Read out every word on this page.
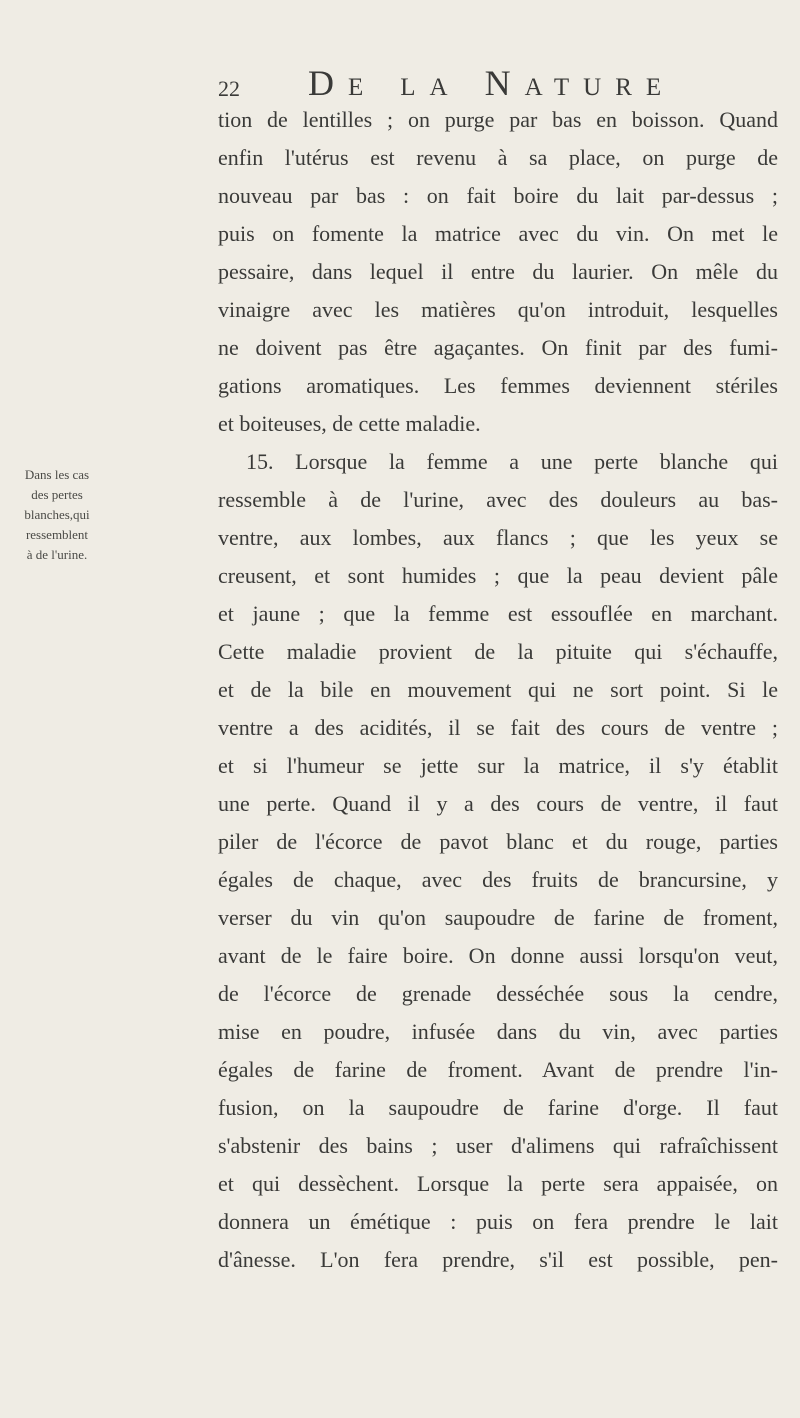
22 De la Nature
Dans les cas
des pertes
blanches,qui
ressemblent
à de l'urine.
tion de lentilles ; on purge par bas en boisson. Quand
enfin l'utérus est revenu à sa place, on purge de
nouveau par bas : on fait boire du lait par-dessus ;
puis on fomente la matrice avec du vin. On met le
pessaire, dans lequel il entre du laurier. On mêle du
vinaigre avec les matières qu'on introduit, lesquelles
ne doivent pas être agaçantes. On finit par des fumi-
gations aromatiques. Les femmes deviennent stériles
et boiteuses, de cette maladie.
15. Lorsque la femme a une perte blanche qui
ressemble à de l'urine, avec des douleurs au bas-
ventre, aux lombes, aux flancs ; que les yeux se
creusent, et sont humides ; que la peau devient pâle
et jaune ; que la femme est essouflée en marchant.
Cette maladie provient de la pituite qui s'échauffe,
et de la bile en mouvement qui ne sort point. Si le
ventre a des acidités, il se fait des cours de ventre ;
et si l'humeur se jette sur la matrice, il s'y établit
une perte. Quand il y a des cours de ventre, il faut
piler de l'écorce de pavot blanc et du rouge, parties
égales de chaque, avec des fruits de brancursine, y
verser du vin qu'on saupoudre de farine de froment,
avant de le faire boire. On donne aussi lorsqu'on veut,
de l'écorce de grenade desséchée sous la cendre,
mise en poudre, infusée dans du vin, avec parties
égales de farine de froment. Avant de prendre l'in-
fusion, on la saupoudre de farine d'orge. Il faut
s'abstenir des bains ; user d'alimens qui rafraîchissent
et qui dessèchent. Lorsque la perte sera appaisée, on
donnera un émétique : puis on fera prendre le lait
d'ânesse. L'on fera prendre, s'il est possible, pen-
